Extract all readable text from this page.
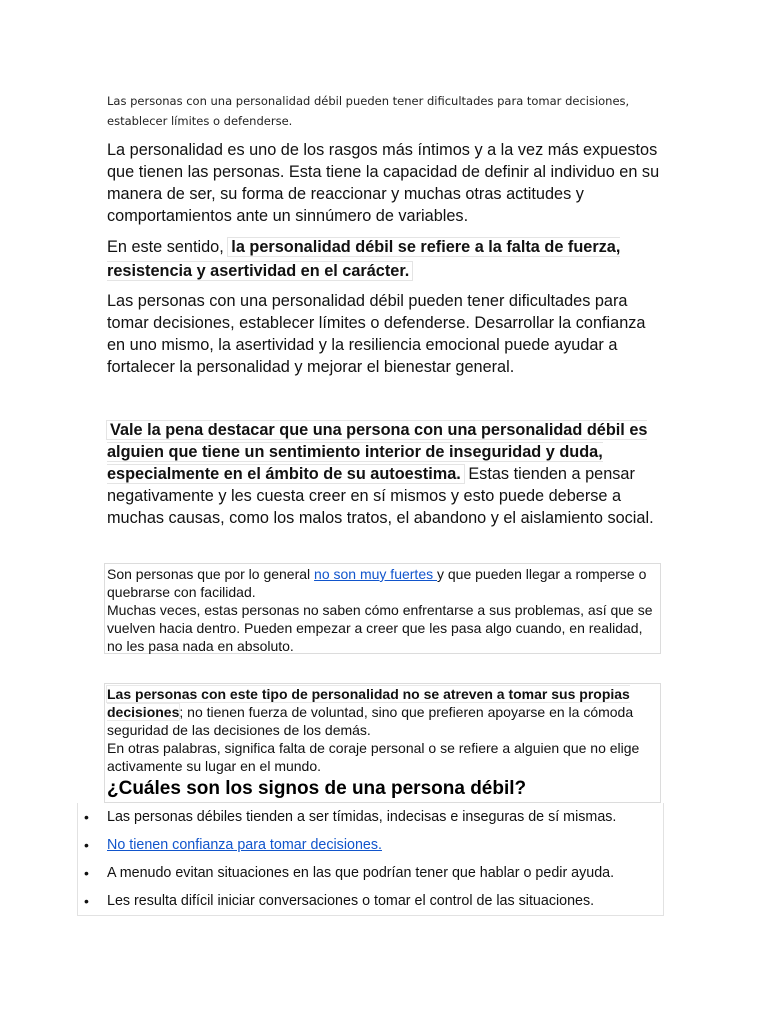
Las personas con una personalidad débil pueden tener dificultades para tomar decisiones, establecer límites o defenderse.

La personalidad es uno de los rasgos más íntimos y a la vez más expuestos que tienen las personas. Esta tiene la capacidad de definir al individuo en su manera de ser, su forma de reaccionar y muchas otras actitudes y comportamientos ante un sinnúmero de variables.

En este sentido, la personalidad débil se refiere a la falta de fuerza, resistencia y asertividad en el carácter.

Las personas con una personalidad débil pueden tener dificultades para tomar decisiones, establecer límites o defenderse. Desarrollar la confianza en uno mismo, la asertividad y la resiliencia emocional puede ayudar a fortalecer la personalidad y mejorar el bienestar general.

Vale la pena destacar que una persona con una personalidad débil es alguien que tiene un sentimiento interior de inseguridad y duda, especialmente en el ámbito de su autoestima. Estas tienden a pensar negativamente y les cuesta creer en sí mismos y esto puede deberse a muchas causas, como los malos tratos, el abandono y el aislamiento social.

Son personas que por lo general no son muy fuertes y que pueden llegar a romperse o quebrarse con facilidad.
Muchas veces, estas personas no saben cómo enfrentarse a sus problemas, así que se vuelven hacia dentro. Pueden empezar a creer que les pasa algo cuando, en realidad, no les pasa nada en absoluto.
Las personas con este tipo de personalidad no se atreven a tomar sus propias decisiones; no tienen fuerza de voluntad, sino que prefieren apoyarse en la cómoda seguridad de las decisiones de los demás.
En otras palabras, significa falta de coraje personal o se refiere a alguien que no elige activamente su lugar en el mundo.
¿Cuáles son los signos de una persona débil?
• Las personas débiles tienden a ser tímidas, indecisas e inseguras de sí mismas.
• No tienen confianza para tomar decisiones.
• A menudo evitan situaciones en las que podrían tener que hablar o pedir ayuda.
• Les resulta difícil iniciar conversaciones o tomar el control de las situaciones.
